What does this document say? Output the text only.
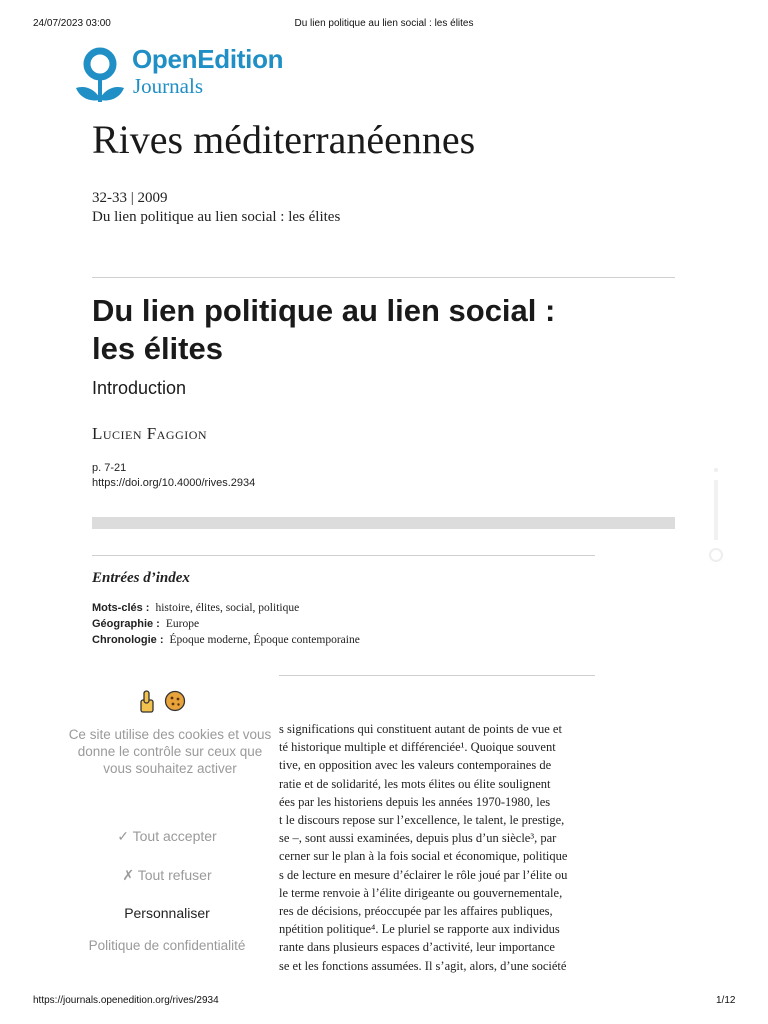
24/07/2023 03:00	Du lien politique au lien social : les élites
OpenEdition
Journals
Rives méditerranéennes
32-33 | 2009
Du lien politique au lien social : les élites
Du lien politique au lien social :
les élites
Introduction
Lucien Faggion
p. 7-21
https://doi.org/10.4000/rives.2934
Entrées d’index
Mots-clés : histoire, élites, social, politique
Géographie : Europe
Chronologie : Époque moderne, Époque contemporaine

s significations qui constituent autant de points de vue et

té historique multiple et différenciée¹. Quoique souvent

tive, en opposition avec les valeurs contemporaines de

ratie et de solidarité, les mots élites ou élite soulignent

ées par les historiens depuis les années 1970-1980, les

t le discours repose sur l’excellence, le talent, le prestige,

se –, sont aussi examinées, depuis plus d’un siècle³, par

cerner sur le plan à la fois social et économique, politique

s de lecture en mesure d’éclairer le rôle joué par l’élite ou

le terme renvoie à l’élite dirigeante ou gouvernementale,

res de décisions, préoccupée par les affaires publiques,

npétition politique⁴. Le pluriel se rapporte aux individus

rante dans plusieurs espaces d’activité, leur importance

se et les fonctions assumées. Il s’agit, alors, d’une société

Ce site utilise des cookies et vous donne le contrôle sur ceux que vous souhaitez activer
✓ Tout accepter
✗ Tout refuser
Personnaliser
Politique de confidentialité
https://journals.openedition.org/rives/2934	1/12
